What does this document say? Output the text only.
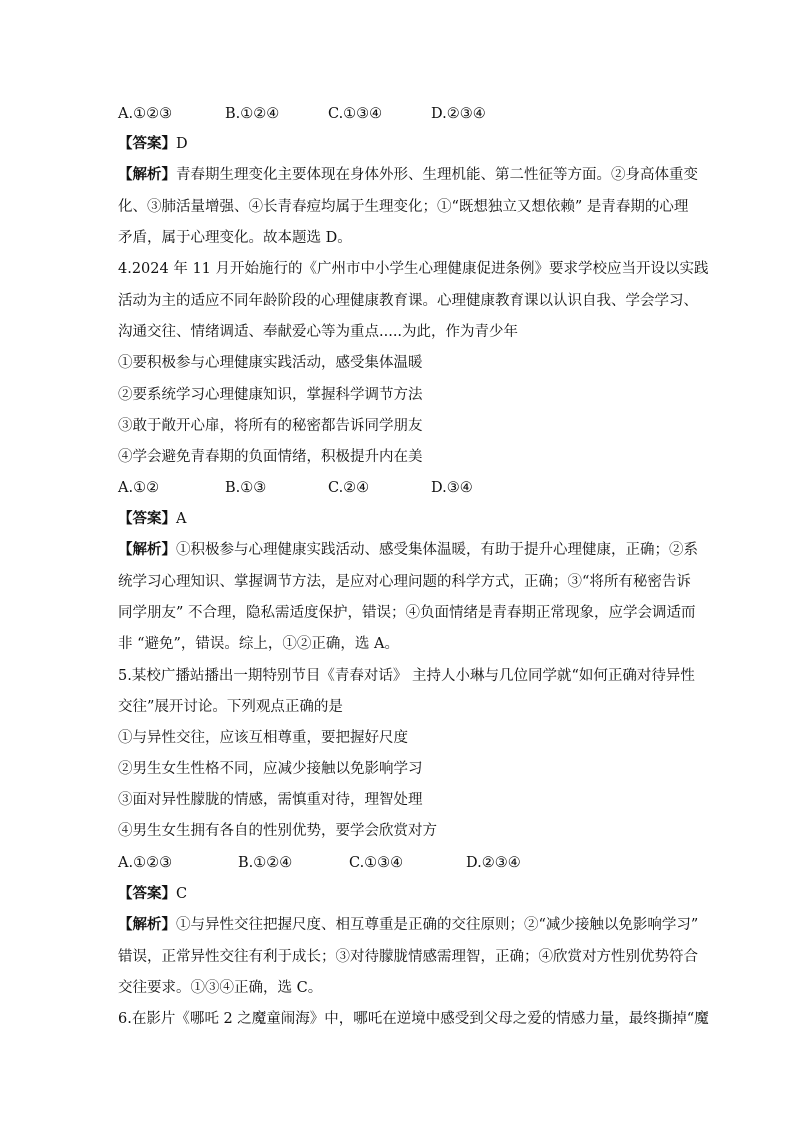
A.①②③	B.①②④	C.①③④	D.②③④
【答案】D
【解析】青春期生理变化主要体现在身体外形、生理机能、第二性征等方面。②身高体重变
化、③肺活量增强、④长青春痘均属于生理变化；①“既想独立又想依赖” 是青春期的心理
矛盾，属于心理变化。故本题选 D。
4.2024 年 11 月开始施行的《广州市中小学生心理健康促进条例》要求学校应当开设以实践
活动为主的适应不同年龄阶段的心理健康教育课。心理健康教育课以认识自我、学会学习、
沟通交往、情绪调适、奉献爱心等为重点.....为此，作为青少年
①要积极参与心理健康实践活动，感受集体温暖
②要系统学习心理健康知识，掌握科学调节方法
③敢于敞开心扉，将所有的秘密都告诉同学朋友
④学会避免青春期的负面情绪，积极提升内在美
A.①②	B.①③	C.②④	D.③④
【答案】A
【解析】①积极参与心理健康实践活动、感受集体温暖，有助于提升心理健康，正确；②系
统学习心理知识、掌握调节方法，是应对心理问题的科学方式，正确；③“将所有秘密告诉
同学朋友” 不合理，隐私需适度保护，错误；④负面情绪是青春期正常现象，应学会调适而
非 “避免”，错误。综上，①②正确，选 A。
5.某校广播站播出一期特别节目《青春对话》 主持人小琳与几位同学就“如何正确对待异性
交往”展开讨论。下列观点正确的是
①与异性交往，应该互相尊重，要把握好尺度
②男生女生性格不同，应减少接触以免影响学习
③面对异性朦胧的情感，需慎重对待，理智处理
④男生女生拥有各自的性别优势，要学会欣赏对方
A.①②③	B.①②④	C.①③④	D.②③④
【答案】C
【解析】①与异性交往把握尺度、相互尊重是正确的交往原则；②“减少接触以免影响学习”
错误，正常异性交往有利于成长；③对待朦胧情感需理智，正确；④欣赏对方性别优势符合
交往要求。①③④正确，选 C。
6.在影片《哪吒 2 之魔童闹海》中，哪吒在逆境中感受到父母之爱的情感力量，最终撕掉“魔
